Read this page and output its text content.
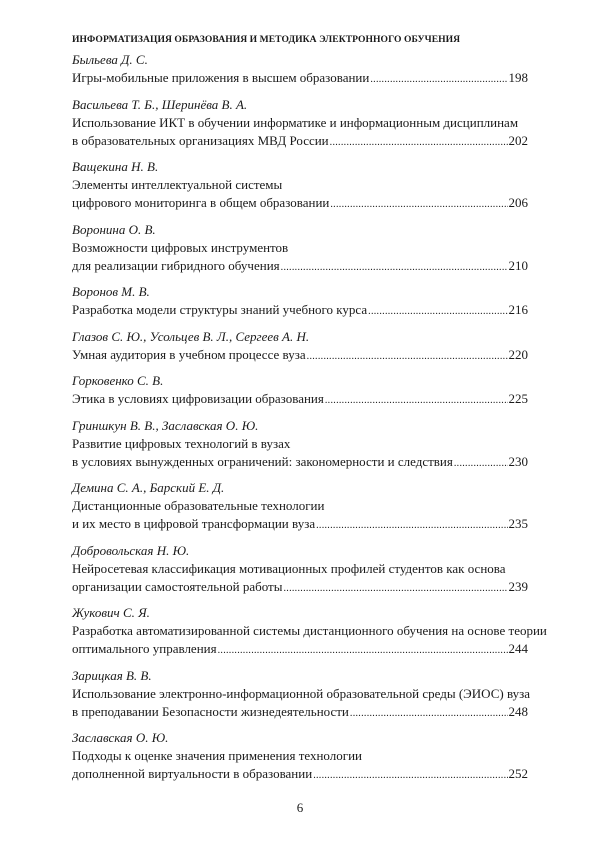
ИНФОРМАТИЗАЦИЯ ОБРАЗОВАНИЯ И МЕТОДИКА ЭЛЕКТРОННОГО ОБУЧЕНИЯ
Быльева Д. С.
Игры-мобильные приложения в высшем образовании .....	198
Васильева Т. Б., Шеринёва В. А.
Использование ИКТ в обучении информатике и информационным дисциплинам
в образовательных организациях МВД России .....	202
Ващекина Н. В.
Элементы интеллектуальной системы
цифрового мониторинга в общем образовании .....	206
Воронина О. В.
Возможности цифровых инструментов
для реализации гибридного обучения .....	210
Воронов М. В.
Разработка модели структуры знаний учебного курса .....	216
Глазов С. Ю., Усольцев В. Л., Сергеев А. Н.
Умная аудитория в учебном процессе вуза .....	220
Горковенко С. В.
Этика в условиях цифровизации образования .....	225
Гриншкун В. В., Заславская О. Ю.
Развитие цифровых технологий в вузах
в условиях вынужденных ограничений: закономерности и следствия .....	230
Демина С. А., Барский Е. Д.
Дистанционные образовательные технологии
и их место в цифровой трансформации вуза .....	235
Добровольская Н. Ю.
Нейросетевая классификация мотивационных профилей студентов как основа
организации самостоятельной работы .....	239
Жукович С. Я.
Разработка автоматизированной системы дистанционного обучения на основе теории
оптимального управления .....	244
Зарицкая В. В.
Использование электронно-информационной образовательной среды (ЭИОС) вуза
в преподавании Безопасности жизнедеятельности .....	248
Заславская О. Ю.
Подходы к оценке значения применения технологии
дополненной виртуальности в образовании .....	252
6
